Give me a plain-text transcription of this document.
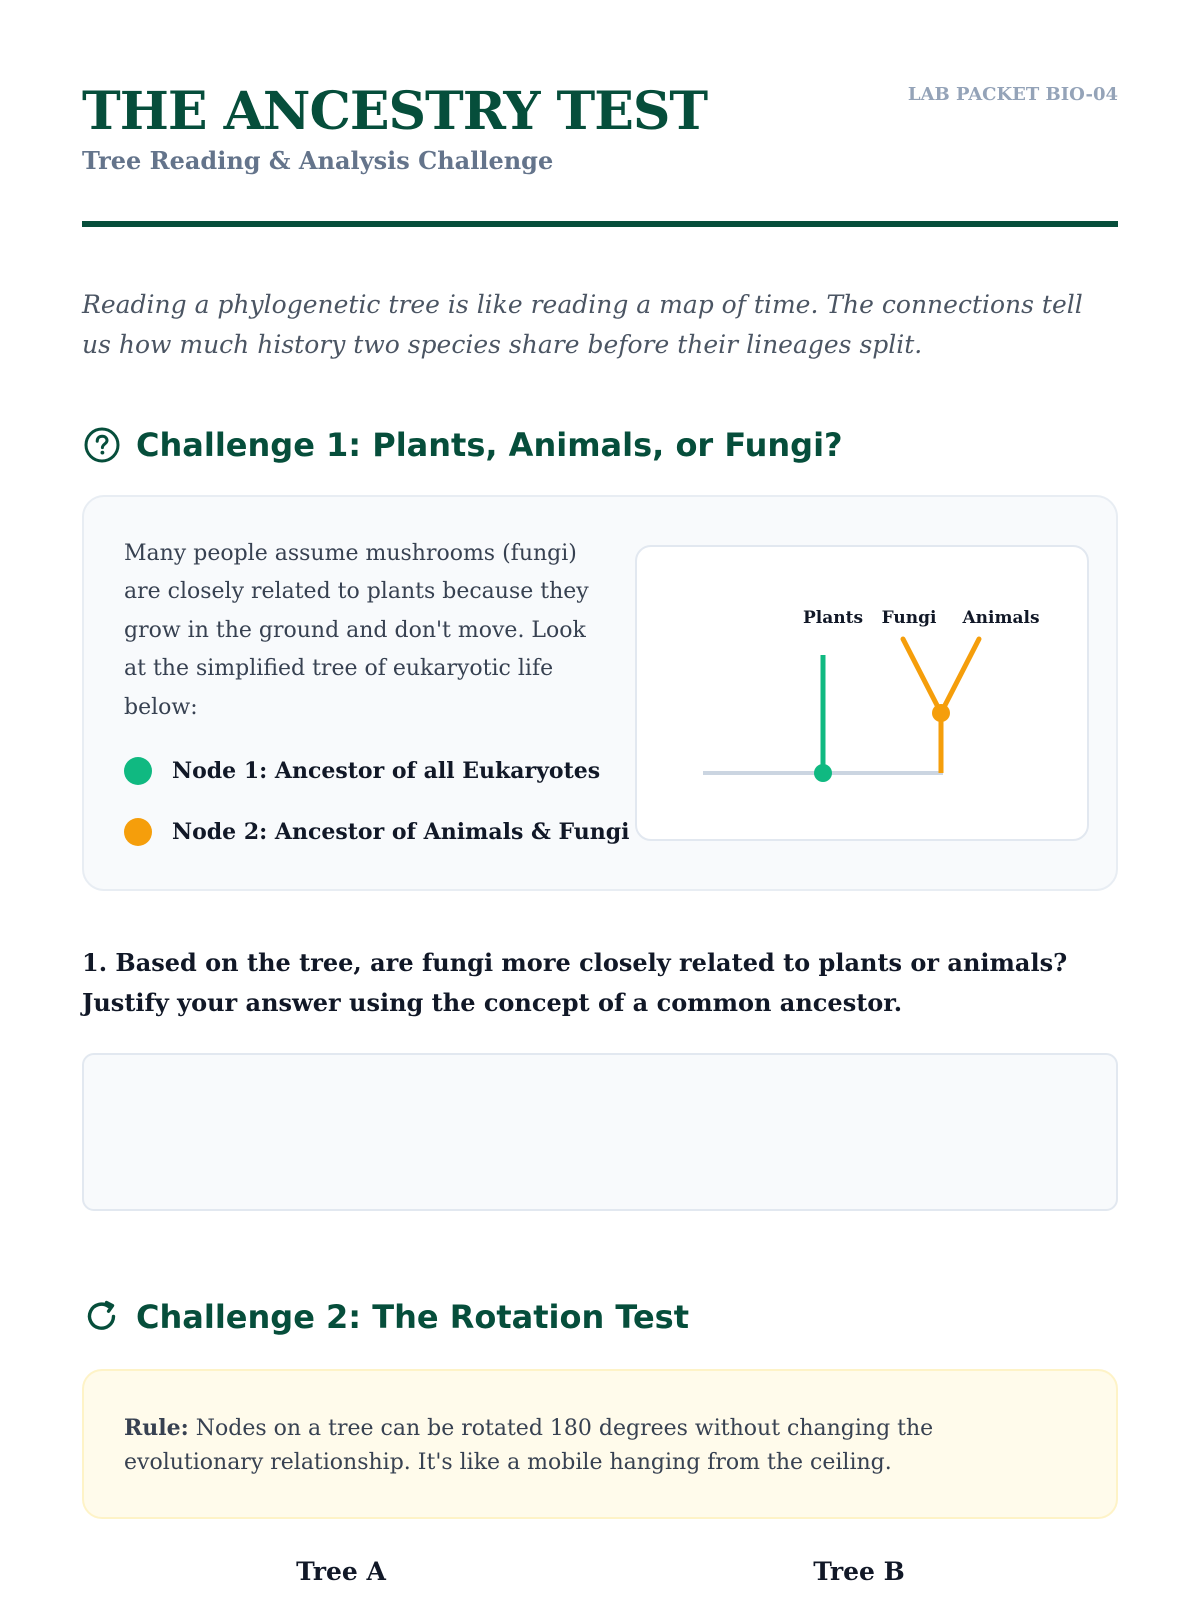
THE ANCESTRY TEST
Tree Reading & Analysis Challenge
LAB PACKET BIO-04

Reading a phylogenetic tree is like reading a map of time. The connections tell us how much history two species share before their lineages split.

Challenge 1: Plants, Animals, or Fungi?

Many people assume mushrooms (fungi) are closely related to plants because they grow in the ground and don't move. Look at the simplified tree of eukaryotic life below:

Node 1: Ancestor of all Eukaryotes
Node 2: Ancestor of Animals & Fungi
Plants Fungi Animals

1. Based on the tree, are fungi more closely related to plants or animals? Justify your answer using the concept of a common ancestor.

Challenge 2: The Rotation Test
Rule: Nodes on a tree can be rotated 180 degrees without changing the evolutionary relationship. It's like a mobile hanging from the ceiling.
Tree A	Tree B
